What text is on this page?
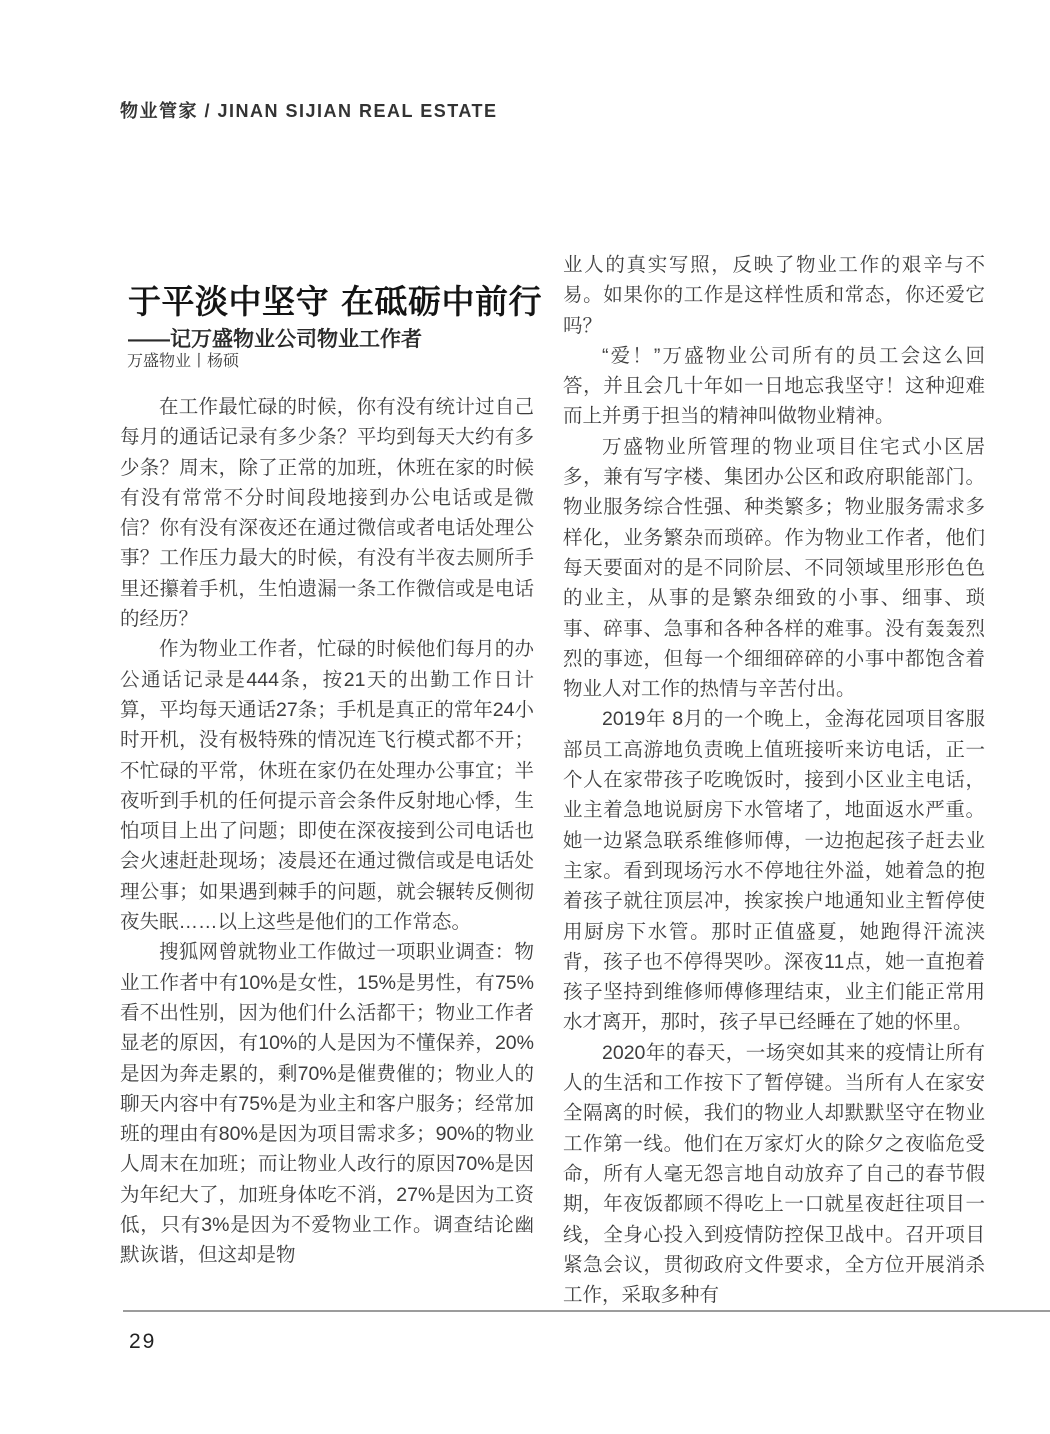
物业管家 / JINAN SIJIAN REAL ESTATE
于平淡中坚守 在砥砺中前行
——记万盛物业公司物业工作者
万盛物业丨杨硕

在工作最忙碌的时候，你有没有统计过自己每月的通话记录有多少条？平均到每天大约有多少条？周末，除了正常的加班，休班在家的时候有没有常常不分时间段地接到办公电话或是微信？你有没有深夜还在通过微信或者电话处理公事？工作压力最大的时候，有没有半夜去厕所手里还攥着手机，生怕遗漏一条工作微信或是电话的经历？

作为物业工作者，忙碌的时候他们每月的办公通话记录是444条，按21天的出勤工作日计算，平均每天通话27条；手机是真正的常年24小时开机，没有极特殊的情况连飞行模式都不开；不忙碌的平常，休班在家仍在处理办公事宜；半夜听到手机的任何提示音会条件反射地心悸，生怕项目上出了问题；即使在深夜接到公司电话也会火速赶赴现场；凌晨还在通过微信或是电话处理公事；如果遇到棘手的问题，就会辗转反侧彻夜失眠……以上这些是他们的工作常态。

搜狐网曾就物业工作做过一项职业调查：物业工作者中有10%是女性，15%是男性，有75%看不出性别，因为他们什么活都干；物业工作者显老的原因，有10%的人是因为不懂保养，20%是因为奔走累的，剩70%是催费催的；物业人的聊天内容中有75%是为业主和客户服务；经常加班的理由有80%是因为项目需求多；90%的物业人周末在加班；而让物业人改行的原因70%是因为年纪大了，加班身体吃不消，27%是因为工资低，只有3%是因为不爱物业工作。调查结论幽默诙谐，但这却是物

业人的真实写照，反映了物业工作的艰辛与不易。如果你的工作是这样性质和常态，你还爱它吗？

“爱！”万盛物业公司所有的员工会这么回答，并且会几十年如一日地忘我坚守！这种迎难而上并勇于担当的精神叫做物业精神。

万盛物业所管理的物业项目住宅式小区居多，兼有写字楼、集团办公区和政府职能部门。物业服务综合性强、种类繁多；物业服务需求多样化，业务繁杂而琐碎。作为物业工作者，他们每天要面对的是不同阶层、不同领域里形形色色的业主，从事的是繁杂细致的小事、细事、琐事、碎事、急事和各种各样的难事。没有轰轰烈烈的事迹，但每一个细细碎碎的小事中都饱含着物业人对工作的热情与辛苦付出。

2019年 8月的一个晚上，金海花园项目客服部员工高游地负责晚上值班接听来访电话，正一个人在家带孩子吃晚饭时，接到小区业主电话，业主着急地说厨房下水管堵了，地面返水严重。她一边紧急联系维修师傅，一边抱起孩子赶去业主家。看到现场污水不停地往外溢，她着急的抱着孩子就往顶层冲，挨家挨户地通知业主暂停使用厨房下水管。那时正值盛夏，她跑得汗流浃背，孩子也不停得哭吵。深夜11点，她一直抱着孩子坚持到维修师傅修理结束，业主们能正常用水才离开，那时，孩子早已经睡在了她的怀里。

2020年的春天，一场突如其来的疫情让所有人的生活和工作按下了暂停键。当所有人在家安全隔离的时候，我们的物业人却默默坚守在物业工作第一线。他们在万家灯火的除夕之夜临危受命，所有人毫无怨言地自动放弃了自己的春节假期，年夜饭都顾不得吃上一口就星夜赶往项目一线，全身心投入到疫情防控保卫战中。召开项目紧急会议，贯彻政府文件要求，全方位开展消杀工作，采取多种有

29
